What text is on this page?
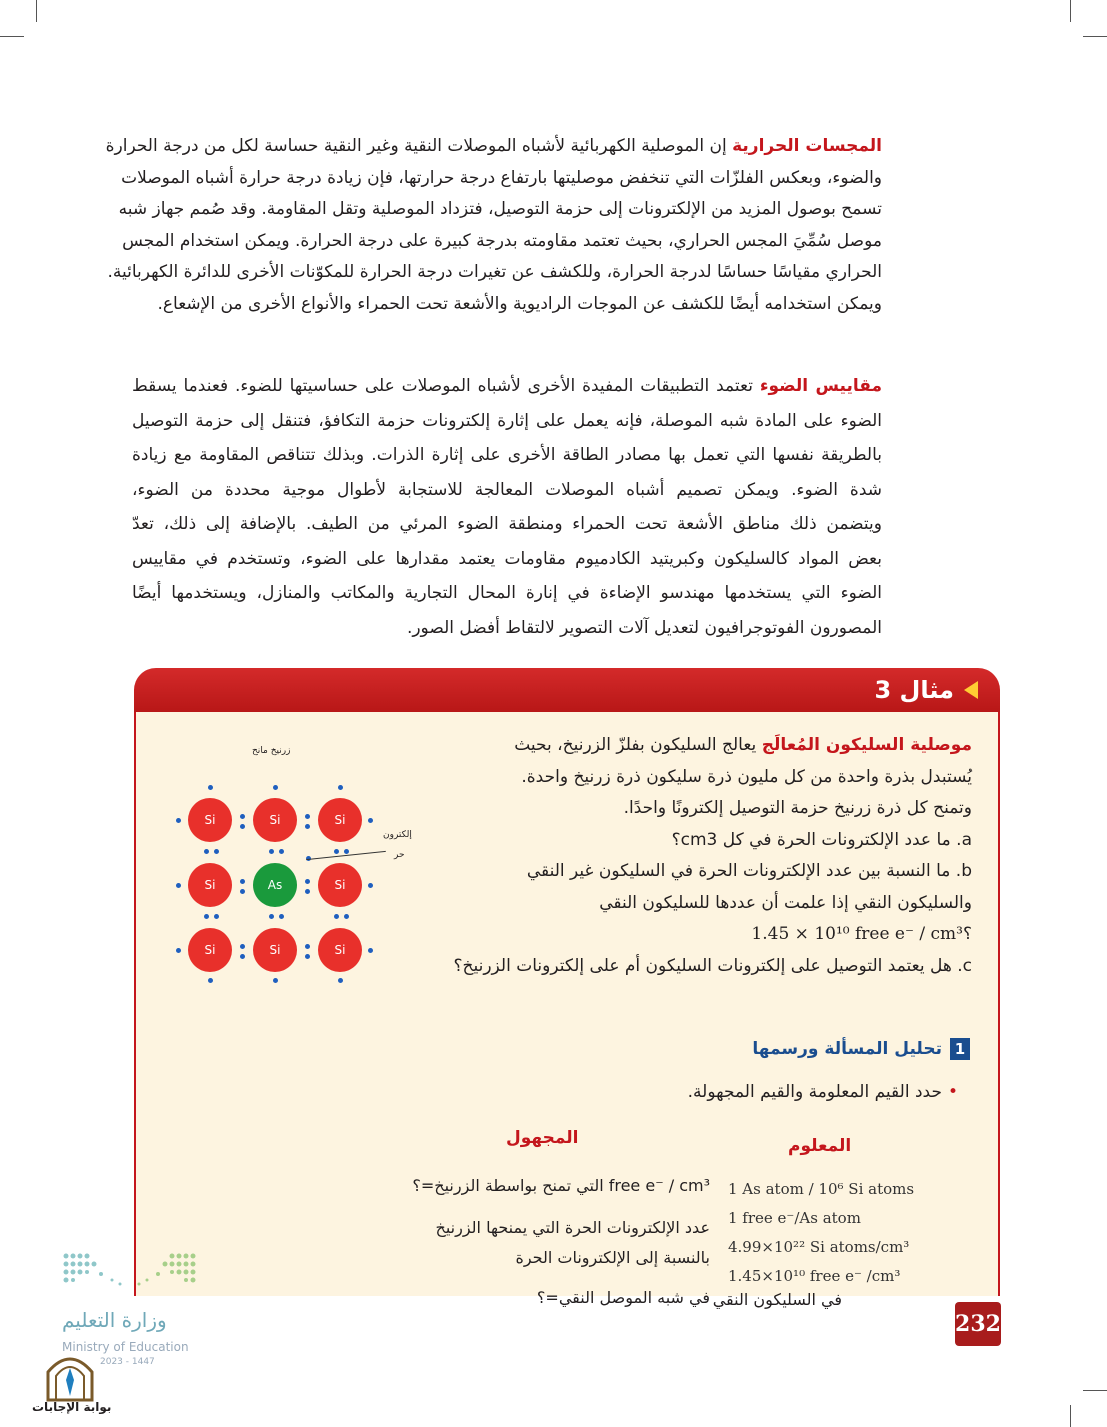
المجسات الحرارية إن الموصلية الكهربائية لأشباه الموصلات النقية وغير النقية حساسة لكل من درجة الحرارة
والضوء، وبعكس الفلزّات التي تنخفض موصليتها بارتفاع درجة حرارتها، فإن زيادة درجة حرارة أشباه الموصلات
تسمح بوصول المزيد من الإلكترونات إلى حزمة التوصيل، فتزداد الموصلية وتقل المقاومة. وقد صُمم جهاز شبه
موصل سُمِّيَ المجس الحراري، بحيث تعتمد مقاومته بدرجة كبيرة على درجة الحرارة. ويمكن استخدام المجس
الحراري مقياسًا حساسًا لدرجة الحرارة، وللكشف عن تغيرات درجة الحرارة للمكوّنات الأخرى للدائرة الكهربائية.
ويمكن استخدامه أيضًا للكشف عن الموجات الراديوية والأشعة تحت الحمراء والأنواع الأخرى من الإشعاع.
مقاييس الضوء تعتمد التطبيقات المفيدة الأخرى لأشباه الموصلات على حساسيتها للضوء. فعندما يسقط
الضوء على المادة شبه الموصلة، فإنه يعمل على إثارة إلكترونات حزمة التكافؤ، فتنقل إلى حزمة التوصيل
بالطريقة نفسها التي تعمل بها مصادر الطاقة الأخرى على إثارة الذرات. وبذلك تتناقص المقاومة مع زيادة
شدة الضوء. ويمكن تصميم أشباه الموصلات المعالجة للاستجابة لأطوال موجية محددة من الضوء،
ويتضمن ذلك مناطق الأشعة تحت الحمراء ومنطقة الضوء المرئي من الطيف. بالإضافة إلى ذلك، تعدّ
بعض المواد كالسليكون وكبريتيد الكادميوم مقاومات يعتمد مقدارها على الضوء، وتستخدم في مقاييس
الضوء التي يستخدمها مهندسو الإضاءة في إنارة المحال التجارية والمكاتب والمنازل، ويستخدمها أيضًا
المصورون الفوتوجرافيون لتعديل آلات التصوير لالتقاط أفضل الصور.
مثال 3
موصلية السليكون المُعالَج يعالج السليكون بفلزّ الزرنيخ، بحيث
يُستبدل بذرة واحدة من كل مليون ذرة سليكون ذرة زرنيخ واحدة.
وتمنح كل ذرة زرنيخ حزمة التوصيل إلكترونًا واحدًا.
a. ما عدد الإلكترونات الحرة في كل cm3؟
b. ما النسبة بين عدد الإلكترونات الحرة في السليكون غير النقي
والسليكون النقي إذا علمت أن عددها للسليكون النقي
؟1.45 × 10¹⁰ free e⁻ / cm³
c. هل يعتمد التوصيل على إلكترونات السليكون أم على إلكترونات الزرنيخ؟
1تحليل المسألة ورسمها
•حدد القيم المعلومة والقيم المجهولة.
المعلوم
المجهول
1 As atom / 10⁶ Si atoms
1 free e⁻/As atom
4.99×10²² Si atoms/cm³
1.45×10¹⁰ free e⁻ /cm³
في السليكون النقي
free e⁻ / cm³ التي تمنح بواسطة الزرنيخ=؟
عدد الإلكترونات الحرة التي يمنحها الزرنيخ
بالنسبة إلى الإلكترونات الحرة
في شبه الموصل النقي=؟
زرنيخ مانح
إلكترون
حر
Si	Si	Si
Si	As	Si
Si	Si	Si
وزارة التعليم
Ministry of Education
2023 - 1447
بوابة الإجابات
232
